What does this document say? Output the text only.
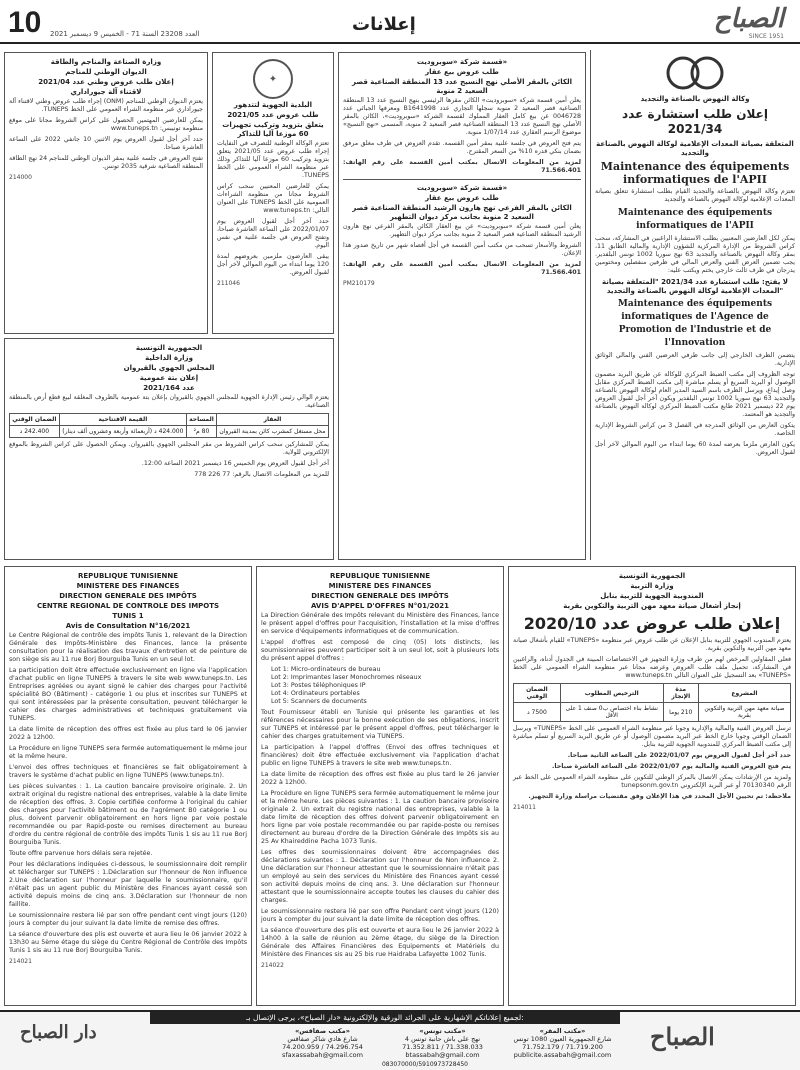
10 العدد 23208 السنة 71 - الخميس 9 ديسمبر 2021	إعلانات	الصباح
SINCE 1951
وكالة النهوض بالصناعة والتجديد
إعلان طلب استشارة عدد 2021/34
المتعلقة بصيانة المعدات الإعلامية لوكالة النهوض بالصناعة والتجديد
Maintenance des équipements informatiques de l'APII

تعتزم وكالة النهوض بالصناعة والتجديد القيام بطلب استشارة تتعلق بصيانة المعدات الإعلامية لوكالة النهوض بالصناعة والتجديد

Maintenance des équipements informatiques de l'APII

يمكن لكل العارضين المعنيين بطلب الاستشارة الراغبين في المشاركة، سحب كراس الشروط من الإدارة المركزية للشؤون الإدارية والمالية الطابق 11، بمقر وكالة النهوض بالصناعة والتجديد 63 نهج سوريا 1002 تونس البلفدير. يجب تضمين العرض الفني والعرض المالي في ظرفين منفصلين ومختومين يدرجان في ظرف ثالث خارجي يختم ويكتب عليه:

لا يفتح: طلب استشارة عدد 2021/34 "المتعلقة بصيانة المعدات الإعلامية لوكالة النهوض بالصناعة والتجديد"
Maintenance des équipements informatiques de l'Agence de Promotion de l'Industrie et de l'Innovation

يتضمن الظرف الخارجي إلى جانب ظرفي العرضين الفني والمالي الوثائق الإدارية.

توجه الظروف إلى مكتب الضبط المركزي للوكالة عن طريق البريد مضمون الوصول أو البريد السريع أو يسلم مباشرة إلى مكتب الضبط المركزي مقابل وصل إيداع، ويرسل الظرف باسم السيد المدير العام لوكالة النهوض بالصناعة والتجديد 63 نهج سوريا 1002 تونس البلفدير ويكون آخر أجل لقبول العروض يوم 22 ديسمبر 2021 طابع مكتب الضبط المركزي لوكالة النهوض بالصناعة والتجديد هو المعتمد.

يتكون العارض من الوثائق المدرجة في الفصل 3 من كراس الشروط الإدارية الخاصة.

يكون العارض ملزما بعرضه لمدة 60 يوما ابتداء من اليوم الموالي لآخر أجل لقبول العروض.

قسمة شركة «سوبروديت»
طلب عروض بيع عقار
الكائن بالمقر الأصلي نهج النسيج عدد 13 المنطقة الصناعية قصر السعيد 2 منوبة

يعلن أمين قسمة شركة «سوبروديت» الكائن مقرها الرئيسي بنهج النسيج عدد 13 المنطقة الصناعية قصر السعيد 2 منوبة سجلها التجاري عدد B1641998 ومعرفها الجبائي عدد 0046728 عن بيع كامل العقار المملوك لقسمة الشركة «سوبروديت»، الكائن بالمقر الأصلي نهج النسيج عدد 13 المنطقة الصناعية قصر السعيد 2 منوبة، المسمى «نهج النسيج» موضوع الرسم العقاري عدد 1/07/14 منوبة.

يتم فتح العروض في جلسة علنية بمقر أمين القسمة. تقدم العروض في ظرف مغلق مرفق بضمان بنكي قدره 10% من السعر المقترح.

لمزيد من المعلومات الاتصال بمكتب أمين القسمة على رقم الهاتف: 71.566.401

قسمة شركة «سوبروديت»
طلب عروض بيع عقار
الكائن بالمقر الفرعي نهج هارون الرشيد المنطقة الصناعية قصر السعيد 2 منوبة بجانب مركز ديوان التطهير

يعلن أمين قسمة شركة «سوبروديت» عن بيع العقار الكائن بالمقر الفرعي نهج هارون الرشيد المنطقة الصناعية قصر السعيد 2 منوبة بجانب مركز ديوان التطهير.

الشروط والأسعار تسحب من مكتب أمين القسمة في أجل أقصاه شهر من تاريخ صدور هذا الإعلان.

لمزيد من المعلومات الاتصال بمكتب أمين القسمة على رقم الهاتف: 71.566.401

PM210179
✦
البلدية الجهوية لتتدهور
طلب عروض عدد 2021/05
يتعلق بتزويد وتركيب تجهيزات 60 موزعا آليا للتذاكر

تعتزم الوكالة الوطنية للتصرف في النفايات إجراء طلب عروض عدد 2021/05 يتعلق بتزويد وتركيب 60 موزعا آليا للتذاكر وذلك عبر منظومة الشراء العمومي على الخط TUNEPS.

يمكن للعارضين المعنيين سحب كراس الشروط مجانا من منظومة الشراءات العمومية على الخط TUNEPS على العنوان التالي: www.tuneps.tn

حدد آخر أجل لقبول العروض يوم 2022/01/07 على الساعة العاشرة صباحا، وتفتح العروض في جلسة علنية في نفس اليوم.

يبقى العارضون ملزمين بعروضهم لمدة 120 يوما ابتداء من اليوم الموالي لآخر أجل لقبول العروض.

211046
وزارة الصناعة والمناجم والطاقة
الديوان الوطني للمناجم
إعلان طلب عروض وطني عدد 2021/04
لاقتناء آلة جيوراداري

يعتزم الديوان الوطني للمناجم (ONM) إجراء طلب عروض وطني لاقتناء آلة جيوراداري عبر منظومة الشراء العمومي على الخط TUNEPS.

يمكن للعارضين المهتمين الحصول على كراس الشروط مجانا على موقع منظومة تونيبس: www.tuneps.tn

حدد آخر أجل لقبول العروض يوم الاثنين 10 جانفي 2022 على الساعة العاشرة صباحا.

تفتح العروض في جلسة علنية بمقر الديوان الوطني للمناجم 24 نهج الطاقة المنطقة الصناعية شرقية 2035 تونس.

214000
الجمهورية التونسية
وزارة الداخلية
المجلس الجهوي بالقيروان
إعلان بتة عمومية
عدد 2021/164

يعتزم الوالي رئيس الإدارة الجهوية للمجلس الجهوي بالقيروان بإعلان بتة عمومية بالظروف المغلقة لبيع قطع أرض بالمنطقة الصناعية.

العقار	المساحة	القيمة الافتتاحية	الضمان الوقتي
محل مستغل كمشرب كائن بمدينة القيروان	80 م²	424.000 د (أربعمائة وأربعة وعشرون ألف دينار)	242.400 د

يمكن للمشاركين سحب كراس الشروط من مقر المجلس الجهوي بالقيروان. ويمكن الحصول على كراس الشروط بالموقع الإلكتروني للولاية.

آخر أجل لقبول العروض يوم الخميس 16 ديسمبر 2021 الساعة 12:00.

للمزيد من المعلومات الاتصال بالرقم: 77 226 778

REPUBLIQUE TUNISIENNE
MINISTERE DES FINANCES
DIRECTION GENERALE DES IMPÔTS
CENTRE REGIONAL DE CONTROLE DES IMPOTS
TUNIS 1
Avis de Consultation N°16/2021

Le Centre Régional de contrôle des impôts Tunis 1, relevant de la Direction Générale des Impôts-Ministère des Finances, lance la présente consultation pour la réalisation des travaux d'entretien et de peinture de son siège sis au 11 rue Borj Bourguiba Tunis en un seul lot.

La participation doit être effectuée exclusivement en ligne via l'application d'achat public en ligne TUNEPS à travers le site web www.tuneps.tn. Les Entreprises agréées ou ayant signé le cahier des charges pour l'activité spécialité BO (Bâtiment) - catégorie 1 ou plus et inscrites sur TUNEPS et qui sont intéressées par la présente consultation, peuvent télécharger le cahier des charges administratives et techniques gratuitement via TUNEPS.

La date limite de réception des offres est fixée au plus tard le 06 janvier 2022 à 12h00.

La Procédure en ligne TUNEPS sera fermée automatiquement le même jour et la même heure.

L'envoi des offres techniques et financières se fait obligatoirement à travers le système d'achat public en ligne TUNEPS (www.tuneps.tn).

Les pièces suivantes : 1. La caution bancaire provisoire originale. 2. Un extrait original du registre national des entreprises, valable à la date limite de réception des offres. 3. Copie certifiée conforme à l'original du cahier des charges pour l'activité bâtiment ou de l'agrément B0 catégorie 1 ou plus, doivent parvenir obligatoirement en hors ligne par voie postale recommandée ou par Rapid-poste ou remises directement au bureau d'ordre du centre régional de contrôle des impôts Tunis 1 sis au 11 rue Borj Bourguiba Tunis.

Toute offre parvenue hors délais sera rejetée.

Pour les déclarations indiquées ci-dessous, le soumissionnaire doit remplir et télécharger sur TUNEPS : 1.Déclaration sur l'honneur de Non influence 2.Une déclaration sur l'honneur par laquelle le soumissionnaire, qu'il n'était pas un agent public du Ministère des Finances ayant cessé son activité depuis moins de cinq ans. 3.Déclaration sur l'honneur de non faillite.

Le soumissionnaire restera lié par son offre pendant cent vingt jours (120) jours à compter du jour suivant la date limite de remise des offres.

La séance d'ouverture des plis est ouverte et aura lieu le 06 janvier 2022 à 13h30 au 5ème étage du siège du Centre Régional de Contrôle des Impôts Tunis 1 sis au 11 rue Borj Bourguiba Tunis.

214021
REPUBLIQUE TUNISIENNE
MINISTERE DES FINANCES
DIRECTION GENERALE DES IMPÔTS
AVIS D'APPEL D'OFFRES N°01/2021

La Direction Générale des Impôts relevant du Ministère des Finances, lance le présent appel d'offres pour l'acquisition, l'installation et la mise d'offres en service d'équipements informatiques et de communication.

L'appel d'offres est composé de cinq (05) lots distincts, les soumissionnaires peuvent participer soit à un seul lot, soit à plusieurs lots du présent appel d'offres :

Lot 1: Micro-ordinateurs de bureau

Lot 2: Imprimantes laser Monochromes réseaux

Lot 3: Postes téléphoniques IP

Lot 4: Ordinateurs portables

Lot 5: Scanners de documents

Tout Fournisseur établi en Tunisie qui présente les garanties et les références nécessaires pour la bonne exécution de ses obligations, inscrit sur TUNEPS et intéressé par le présent appel d'offres, peut télécharger le cahier des charges gratuitement via TUNEPS.

La participation à l'appel d'offres (Envoi des offres techniques et financières) doit être effectuée exclusivement via l'application d'achat public en ligne TUNEPS à travers le site web www.tuneps.tn.

La date limite de réception des offres est fixée au plus tard le 26 janvier 2022 à 12h00.

La Procédure en ligne TUNEPS sera fermée automatiquement le même jour et la même heure. Les pièces suivantes : 1. La caution bancaire provisoire originale 2. Un extrait du registre national des entreprises, valable à la date limite de réception des offres doivent parvenir obligatoirement en hors ligne par voie postale recommandée ou par rapide-poste ou remises directement au bureau d'ordre de la Direction Générale des Impôts sis au 25 Av Khaireddine Pacha 1073 Tunis.

Les offres des soumissionnaires doivent être accompagnées des déclarations suivantes : 1. Déclaration sur l'honneur de Non influence 2. Une déclaration sur l'honneur attestant que le soumissionnaire n'était pas un employé au sein des services du Ministère des Finances ayant cessé son activité depuis moins de cinq ans. 3. Une déclaration sur l'honneur attestant que le soumissionnaire accepte toutes les clauses du cahier des charges.

Le soumissionnaire restera lié par son offre Pendant cent vingt jours (120) jours à compter du jour suivant la date limite de réception des offres.

La séance d'ouverture des plis est ouverte et aura lieu le 26 janvier 2022 à 14h00 à la salle de réunion au 2ème étage, du siège de la Direction Générale des Affaires Financières des Equipements et Matériels du Ministère des Finances sis au 25 bis rue Haidraba Lafayette 1002 Tunis.

214022
الجمهورية التونسية
وزارة التربية
المندوبية الجهوية للتربية بنابل
إنجاز أشغال صيانة معهد مهن التربية والتكوين بقربة
إعلان طلب عروض عدد 2020/10

يعتزم المندوب الجهوي للتربية بنابل الإعلان عن طلب عروض عبر منظومة «TUNEPS» للقيام بأشغال صيانة معهد مهن التربية والتكوين بقربة.

فعلى المقاولين المرخص لهم من طرف وزارة التجهيز في الاختصاصات المبينة في الجدول أدناه، والراغبين في المشاركة، تحميل ملف طلب العروض وعرضه مجانا عبر منظومة الشراء العمومي على الخط «TUNEPS» بعد التسجيل على العنوان التالي www.tuneps.tn

المشروع	مدة الإنجاز	الترخيص المطلوب	الضمان الوقتي
صيانة معهد مهن التربية والتكوين بقربة	210 يوما	نشاط بناء اختصاص ب0 صنف 1 على الأقل	7500 د

ترسل العروض الفنية والمالية والإدارية وجوبا عبر منظومة الشراء العمومي على الخط «TUNEPS» ويرسل الضمان الوقتي وجوبا خارج الخط عبر البريد مضمون الوصول أو عن طريق البريد السريع أو تسلم مباشرة إلى مكتب الضبط المركزي للمندوبية الجهوية للتربية بنابل.

حدد آخر أجل لقبول العروض يوم 2022/01/07 على الساعة الثانية صباحا.

يتم فتح العروض الفنية والمالية يوم 2022/01/07 على الساعة العاشرة صباحا.

ولمزيد من الإرشادات يمكن الاتصال بالمركز الوطني للتكوين على منظومة الشراء العمومي على الخط عبر الرقم 70130340 أو عبر البريد الإلكتروني tunepsonm.gov.tn

ملاحظة: تم تحيين الأجل المحدد في هذا الإعلان وفق مقتضيات مراسلة وزارة التجهيز.

214011
الصباح
دار الصباح
لجميع إعلاناتكم الإشهارية على الجرائد الورقية والإلكترونية «دار الصباح»، يرجى الإتصال بـ:
«مكتب المقر»
شارع الجمهورية العيون 1080 تونس
71.752.179 / 71.719.200
publicite.assabah@gmail.com
«مكتب تونس»
4 نهج علي باش حانبة تونس
71.352.811 / 71.338.033
btassabah@gmail.com
«مكتب صفاقس»
شارع هادي شاكر صفاقس
74.200.959 / 74.296.754
sfaxassabah@gmail.com
083070000/5910973728450
